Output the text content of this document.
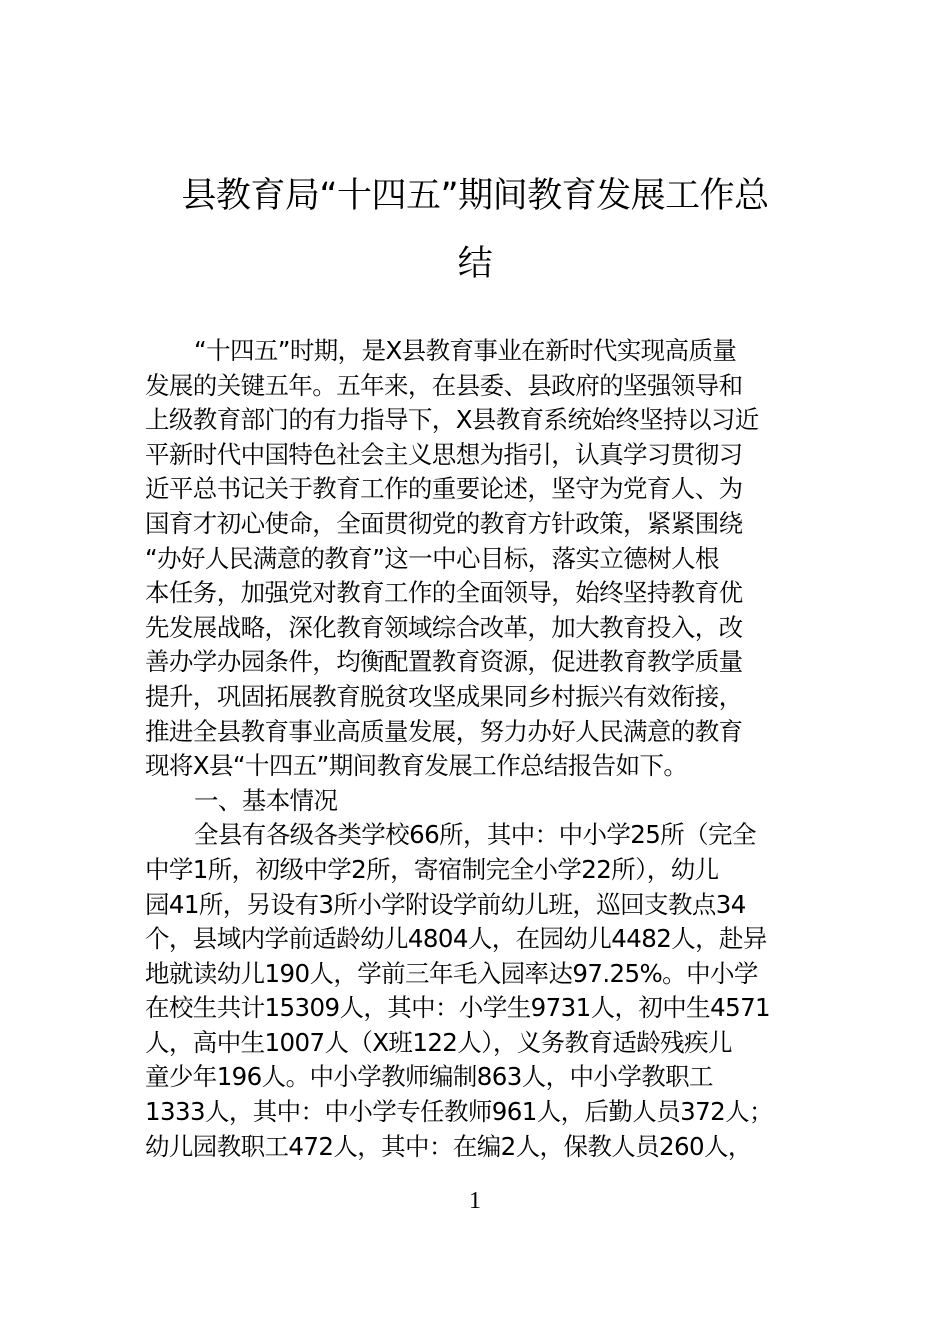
县教育局“十四五”期间教育发展工作总
结
“十四五”时期，是X县教育事业在新时代实现高质量
发展的关键五年。五年来，在县委、县政府的坚强领导和
上级教育部门的有力指导下，X县教育系统始终坚持以习近
平新时代中国特色社会主义思想为指引，认真学习贯彻习
近平总书记关于教育工作的重要论述，坚守为党育人、为
国育才初心使命，全面贯彻党的教育方针政策，紧紧围绕
“办好人民满意的教育”这一中心目标，落实立德树人根
本任务，加强党对教育工作的全面领导，始终坚持教育优
先发展战略，深化教育领域综合改革，加大教育投入，改
善办学办园条件，均衡配置教育资源，促进教育教学质量
提升，巩固拓展教育脱贫攻坚成果同乡村振兴有效衔接，
推进全县教育事业高质量发展，努力办好人民满意的教育
现将X县“十四五”期间教育发展工作总结报告如下。
一、基本情况
全县有各级各类学校66所，其中：中小学25所（完全
中学1所，初级中学2所，寄宿制完全小学22所），幼儿
园41所，另设有3所小学附设学前幼儿班，巡回支教点34
个，县域内学前适龄幼儿4804人，在园幼儿4482人，赴异
地就读幼儿190人，学前三年毛入园率达97.25%。中小学
在校生共计15309人，其中：小学生9731人，初中生4571
人，高中生1007人（X班122人），义务教育适龄残疾儿
童少年196人。中小学教师编制863人，中小学教职工
1333人，其中：中小学专任教师961人，后勤人员372人；
幼儿园教职工472人，其中：在编2人，保教人员260人，
1
